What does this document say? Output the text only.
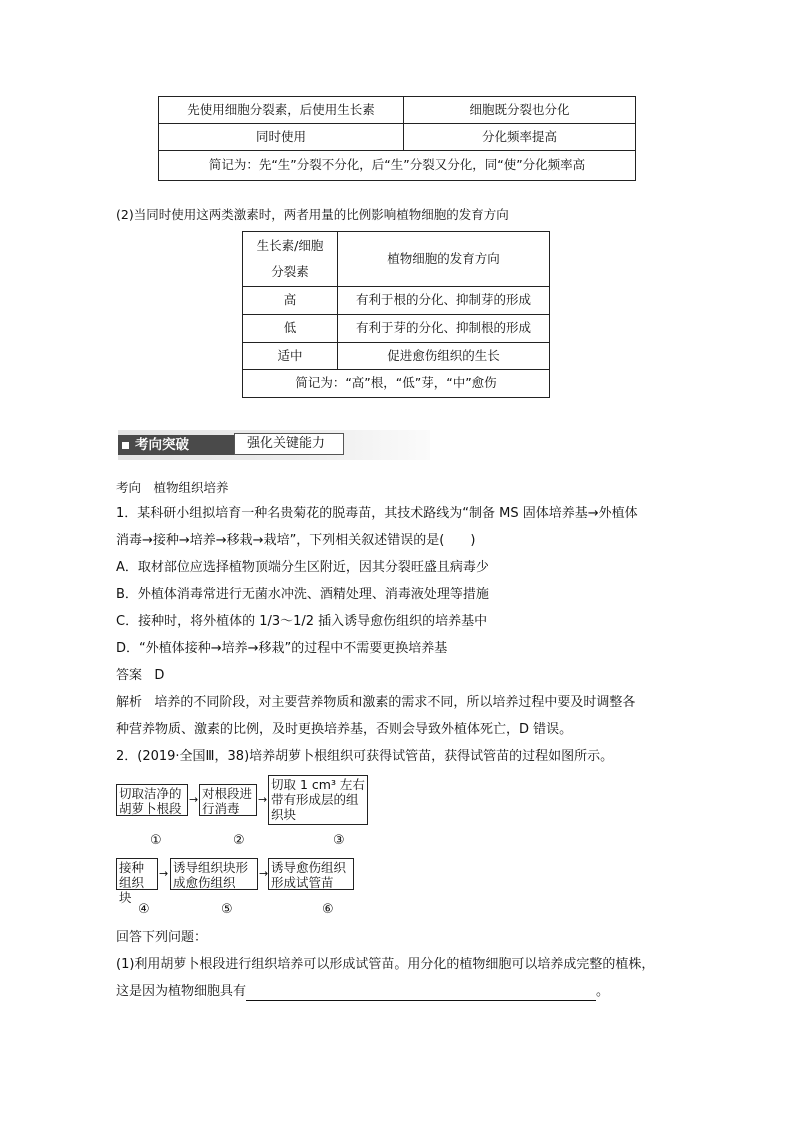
先使用细胞分裂素，后使用生长素	细胞既分裂也分化
同时使用	分化频率提高
简记为：先“生”分裂不分化，后“生”分裂又分化，同“使”分化频率高	
(2)当同时使用这两类激素时，两者用量的比例影响植物细胞的发育方向
生长素/细胞分裂素	植物细胞的发育方向
高	有利于根的分化、抑制芽的形成
低	有利于芽的分化、抑制根的形成
适中	促进愈伤组织的生长
简记为：“高”根，“低”芽，“中”愈伤	
考向突破	强化关键能力
考向　植物组织培养
1．某科研小组拟培育一种名贵菊花的脱毒苗，其技术路线为“制备 MS 固体培养基→外植体
消毒→接种→培养→移栽→栽培”，下列相关叙述错误的是(　　)
A．取材部位应选择植物顶端分生区附近，因其分裂旺盛且病毒少
B．外植体消毒常进行无菌水冲洗、酒精处理、消毒液处理等措施
C．接种时，将外植体的 1/3～1/2 插入诱导愈伤组织的培养基中
D．“外植体接种→培养→移栽”的过程中不需要更换培养基
答案 D
解析 培养的不同阶段，对主要营养物质和激素的需求不同，所以培养过程中要及时调整各
种营养物质、激素的比例，及时更换培养基，否则会导致外植体死亡，D 错误。
2．(2019·全国Ⅲ，38)培养胡萝卜根组织可获得试管苗，获得试管苗的过程如图所示。
切取洁净的胡萝卜根段
→ 对根段进行消毒
→
切取 1 cm³ 左右带有形成层的组织块
①	②	③
接种组织块
→ 诱导组织块形成愈伤组织
→ 诱导愈伤组织形成试管苗
④	⑤	⑥
回答下列问题：
(1)利用胡萝卜根段进行组织培养可以形成试管苗。用分化的植物细胞可以培养成完整的植株，
这是因为植物细胞具有	。
